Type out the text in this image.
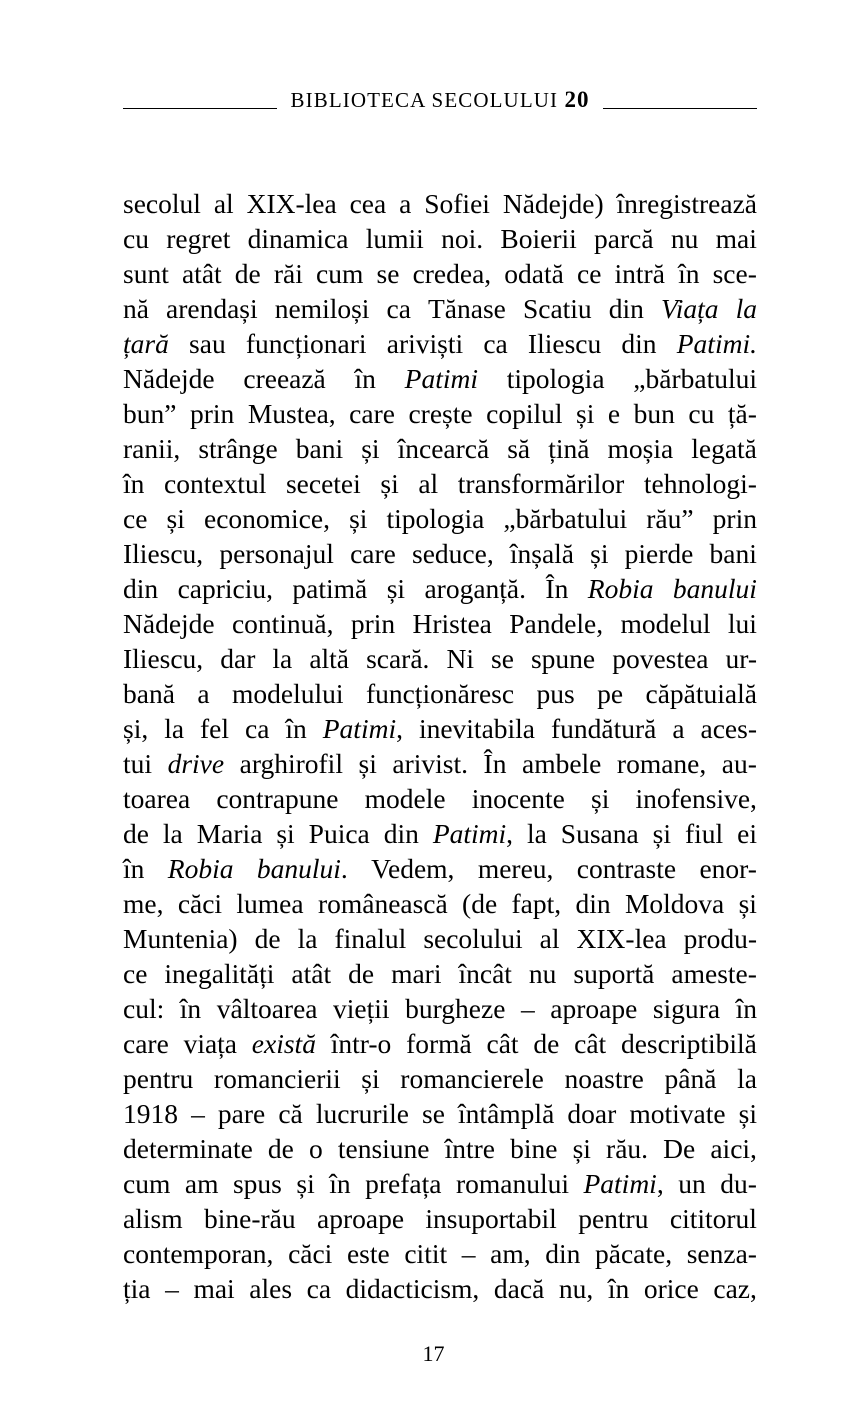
BIBLIOTECA SECOLULUI 20
secolul al XIX-lea cea a Sofiei Nădejde) înregistrează
cu regret dinamica lumii noi. Boierii parcă nu mai
sunt atât de răi cum se credea, odată ce intră în sce-
nă arendași nemiloși ca Tănase Scatiu din Viața la
țară sau funcționari ariviști ca Iliescu din Patimi.
Nădejde creează în Patimi tipologia „bărbatului
bun” prin Mustea, care crește copilul și e bun cu ță-
ranii, strânge bani și încearcă să țină moșia legată
în contextul secetei și al transformărilor tehnologi-
ce și economice, și tipologia „bărbatului rău” prin
Iliescu, personajul care seduce, înșală și pierde bani
din capriciu, patimă și aroganță. În Robia banului
Nădejde continuă, prin Hristea Pandele, modelul lui
Iliescu, dar la altă scară. Ni se spune povestea ur-
bană a modelului funcționăresc pus pe căpătuială
și, la fel ca în Patimi, inevitabila fundătură a aces-
tui drive arghirofil și arivist. În ambele romane, au-
toarea contrapune modele inocente și inofensive,
de la Maria și Puica din Patimi, la Susana și fiul ei
în Robia banului. Vedem, mereu, contraste enor-
me, căci lumea românească (de fapt, din Moldova și
Muntenia) de la finalul secolului al XIX-lea produ-
ce inegalități atât de mari încât nu suportă ameste-
cul: în vâltoarea vieții burgheze – aproape sigura în
care viața există într-o formă cât de cât descriptibilă
pentru romancierii și romancierele noastre până la
1918 – pare că lucrurile se întâmplă doar motivate și
determinate de o tensiune între bine și rău. De aici,
cum am spus și în prefața romanului Patimi, un du-
alism bine-rău aproape insuportabil pentru cititorul
contemporan, căci este citit – am, din păcate, senza-
ția – mai ales ca didacticism, dacă nu, în orice caz,
17
